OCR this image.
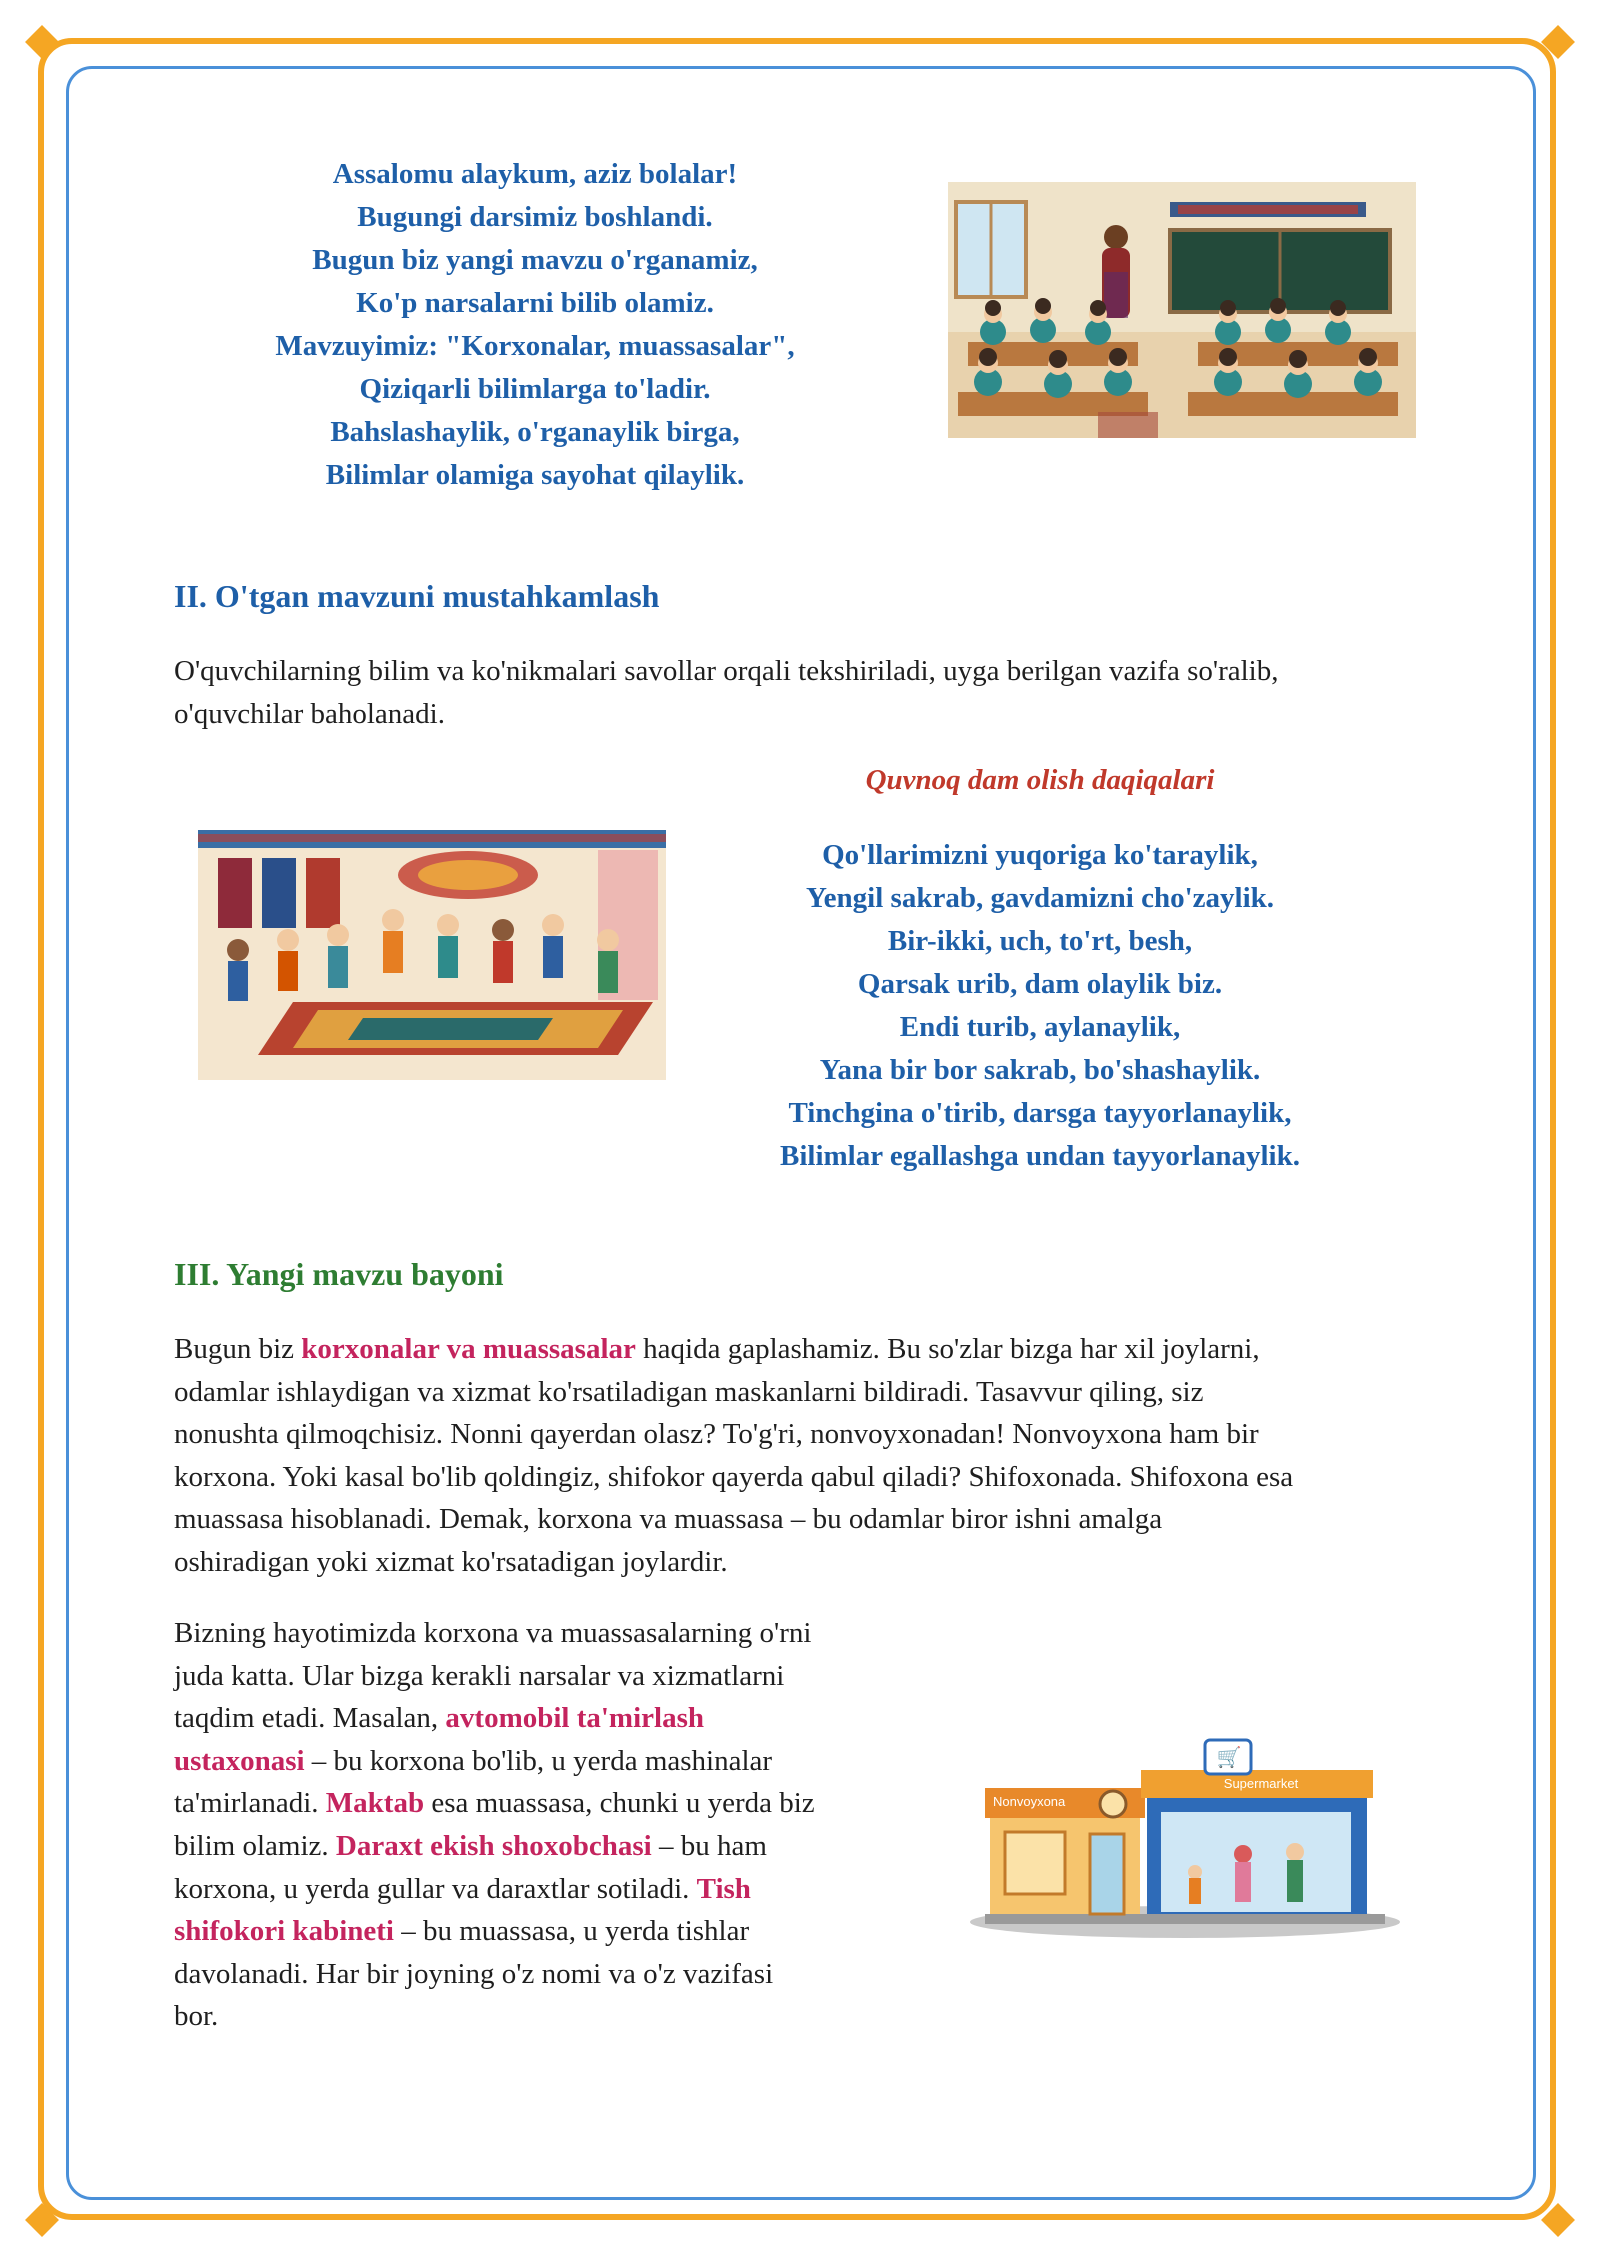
Assalomu alaykum, aziz bolalar!
Bugungi darsimiz boshlandi.
Bugun biz yangi mavzu o'rganamiz,
Ko'p narsalarni bilib olamiz.
Mavzuyimiz: "Korxonalar, muassasalar",
Qiziqarli bilimlarga to'ladir.
Bahslashaylik, o'rganaylik birga,
Bilimlar olamiga sayohat qilaylik.
II. O'tgan mavzuni mustahkamlash
O'quvchilarning bilim va ko'nikmalari savollar orqali tekshiriladi, uyga berilgan vazifa so'ralib,
o'quvchilar baholanadi.
Quvnoq dam olish daqiqalari
Qo'llarimizni yuqoriga ko'taraylik,
Yengil sakrab, gavdamizni cho'zaylik.
Bir-ikki, uch, to'rt, besh,
Qarsak urib, dam olaylik biz.
Endi turib, aylanaylik,
Yana bir bor sakrab, bo'shashaylik.
Tinchgina o'tirib, darsga tayyorlanaylik,
Bilimlar egallashga undan tayyorlanaylik.
III. Yangi mavzu bayoni
Bugun biz korxonalar va muassasalar haqida gaplashamiz. Bu so'zlar bizga har xil joylarni,
odamlar ishlaydigan va xizmat ko'rsatiladigan maskanlarni bildiradi. Tasavvur qiling, siz
nonushta qilmoqchisiz. Nonni qayerdan olasz? To'g'ri, nonvoyxonadan! Nonvoyxona ham bir
korxona. Yoki kasal bo'lib qoldingiz, shifokor qayerda qabul qiladi? Shifoxonada. Shifoxona esa
muassasa hisoblanadi. Demak, korxona va muassasa – bu odamlar biror ishni amalga
oshiradigan yoki xizmat ko'rsatadigan joylardir.
Bizning hayotimizda korxona va muassasalarning o'rni
juda katta. Ular bizga kerakli narsalar va xizmatlarni
taqdim etadi. Masalan, avtomobil ta'mirlash
ustaxonasi – bu korxona bo'lib, u yerda mashinalar
ta'mirlanadi. Maktab esa muassasa, chunki u yerda biz
bilim olamiz. Daraxt ekish shoxobchasi – bu ham
korxona, u yerda gullar va daraxtlar sotiladi. Tish
shifokori kabineti – bu muassasa, u yerda tishlar
davolanadi. Har bir joyning o'z nomi va o'z vazifasi
bor.
Nonvoyxona
Supermarket
🛒
